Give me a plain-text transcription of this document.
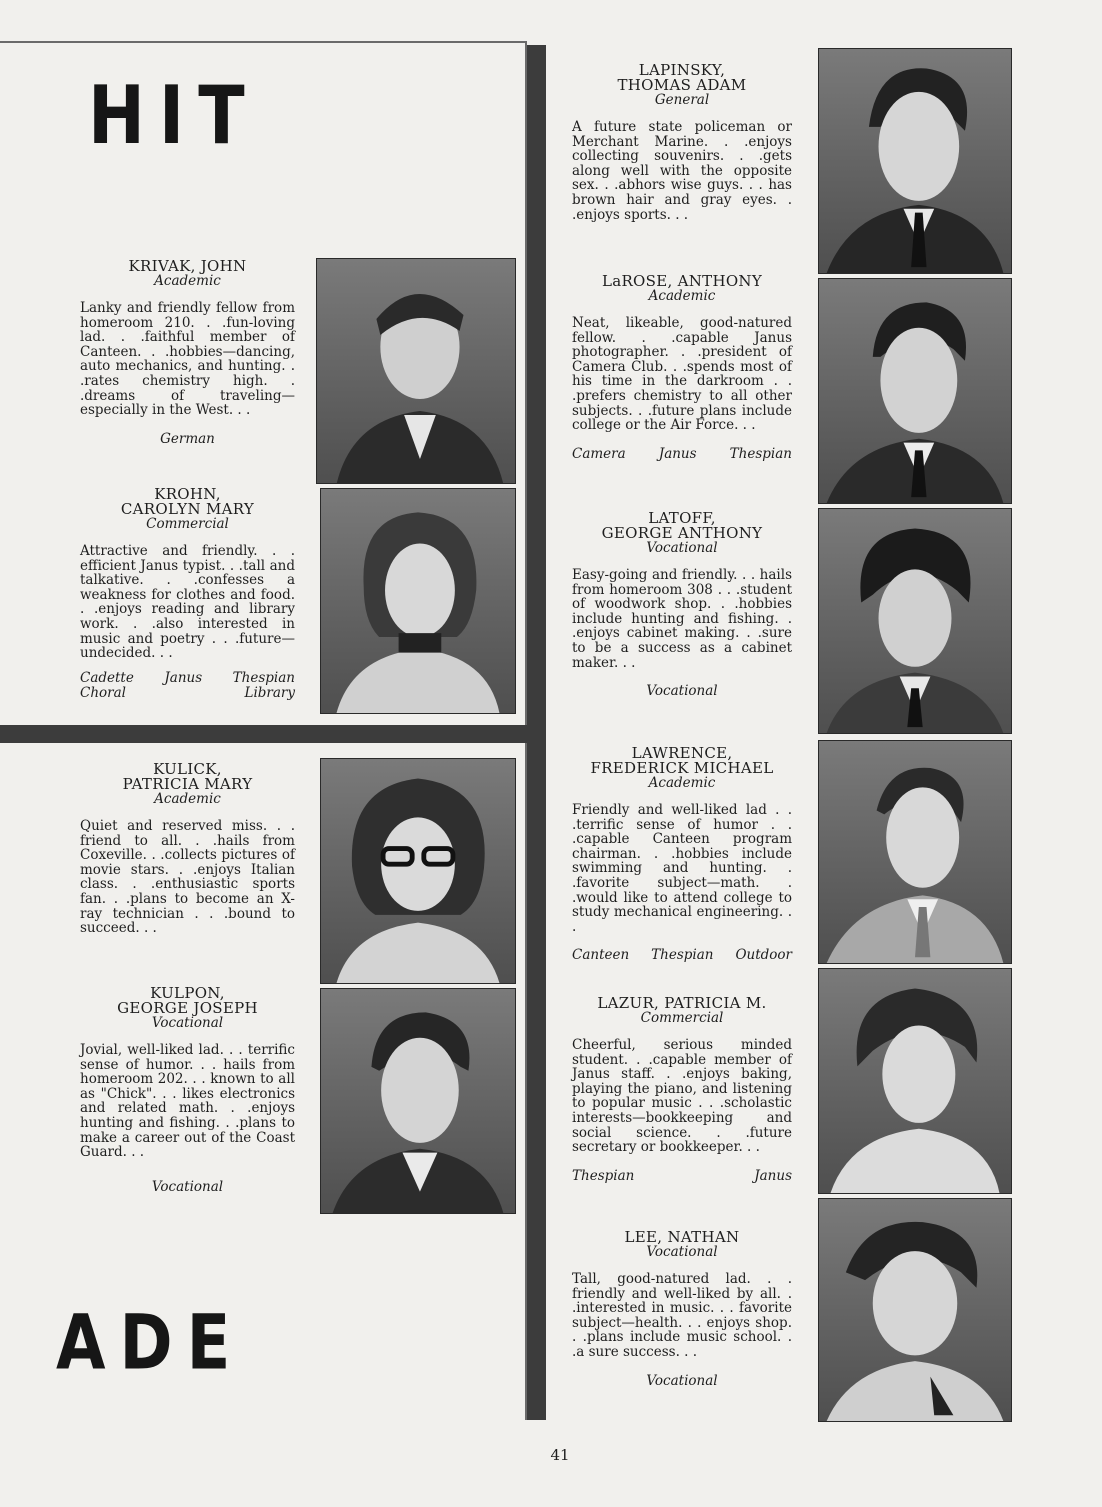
HIT
ADE
KRIVAK, JOHN
Academic
Lanky and friendly fellow from homeroom 210. . .fun-loving lad. . .faithful member of Canteen. . .hobbies—dancing, auto mechanics, and hunting. . .rates chemistry high. . .dreams of traveling—especially in the West. . .
German
KROHN,
CAROLYN MARY
Commercial
Attractive and friendly. . . efficient Janus typist. . .tall and talkative. . .confesses a weakness for clothes and food. . .enjoys reading and library work. . .also interested in music and poetry . . .future—undecided. . .
Cadette Janus Thespian
Choral	Library
KULICK,
PATRICIA MARY
Academic
Quiet and reserved miss. . . friend to all. . .hails from Coxeville. . .collects pictures of movie stars. . .enjoys Italian class. . .enthusiastic sports fan. . .plans to become an X-ray technician . . .bound to succeed. . .
KULPON,
GEORGE JOSEPH
Vocational
Jovial, well-liked lad. . . terrific sense of humor. . . hails from homeroom 202. . . known to all as "Chick". . . likes electronics and related math. . .enjoys hunting and fishing. . .plans to make a career out of the Coast Guard. . .
Vocational
LAPINSKY,
THOMAS ADAM
General
A future state policeman or Merchant Marine. . .enjoys collecting souvenirs. . .gets along well with the opposite sex. . .abhors wise guys. . . has brown hair and gray eyes. . .enjoys sports. . .
LaROSE, ANTHONY
Academic
Neat, likeable, good-natured fellow. . .capable Janus photographer. . .president of Camera Club. . .spends most of his time in the darkroom . . .prefers chemistry to all other subjects. . .future plans include college or the Air Force. . .
Camera Janus Thespian
LATOFF,
GEORGE ANTHONY
Vocational
Easy-going and friendly. . . hails from homeroom 308 . . .student of woodwork shop. . .hobbies include hunting and fishing. . .enjoys cabinet making. . .sure to be a success as a cabinet maker. . .
Vocational
LAWRENCE,
FREDERICK MICHAEL
Academic
Friendly and well-liked lad . . .terrific sense of humor . . .capable Canteen program chairman. . .hobbies include swimming and hunting. . .favorite subject—math. . .would like to attend college to study mechanical engineering. . .
Canteen Thespian Outdoor
LAZUR, PATRICIA M.
Commercial
Cheerful, serious minded student. . .capable member of Janus staff. . .enjoys baking, playing the piano, and listening to popular music . . .scholastic interests—bookkeeping and social science. . .future secretary or bookkeeper. . .
Thespian	Janus
LEE, NATHAN
Vocational
Tall, good-natured lad. . . friendly and well-liked by all. . .interested in music. . . favorite subject—health. . . enjoys shop. . .plans include music school. . .a sure success. . .
Vocational
41
